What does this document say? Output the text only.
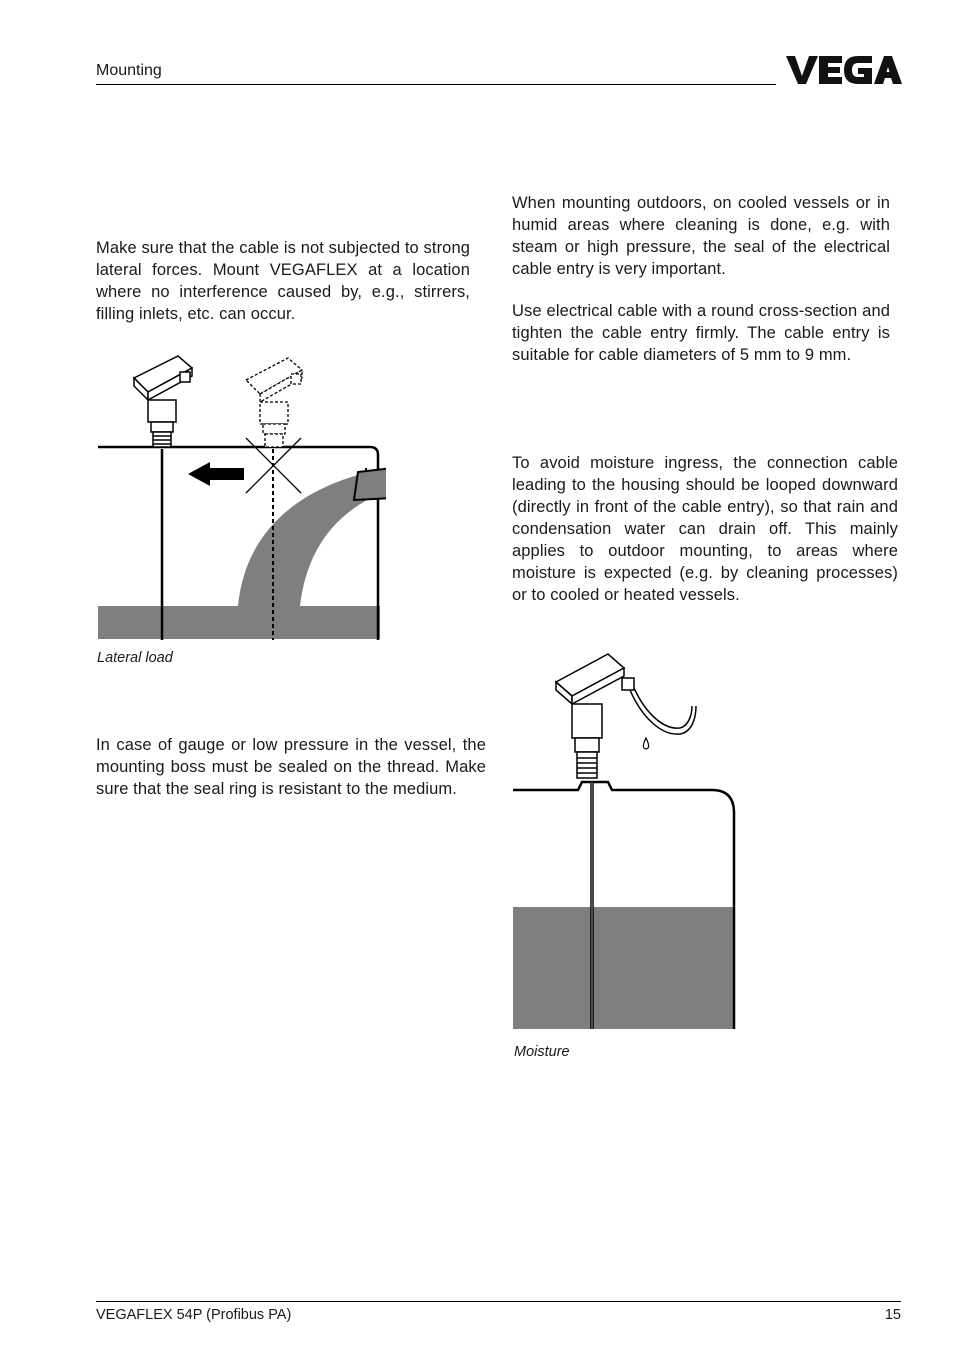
Mounting

Make sure that the cable is not subjected to strong lateral forces. Mount VEGAFLEX at a location where no interference caused by, e.g., stirrers, filling inlets, etc. can occur.

Lateral load

In case of gauge or low pressure in the vessel, the mounting boss must be sealed on the thread. Make sure that the seal ring is resistant to the medium.

When mounting outdoors, on cooled vessels or in humid areas where cleaning is done, e.g. with steam or high pressure, the seal of the electrical cable entry is very important.

Use electrical cable with a round cross-section and tighten the cable entry firmly. The cable entry is suitable for cable diameters of 5 mm to 9 mm.

To avoid moisture ingress, the connection cable leading to the housing should be looped downward (directly in front of the cable entry), so that rain and condensation water can drain off. This mainly applies to outdoor mounting, to areas where moisture is expected (e.g. by cleaning processes) or to cooled or heated vessels.

Moisture
VEGAFLEX 54P (Profibus PA)	15
